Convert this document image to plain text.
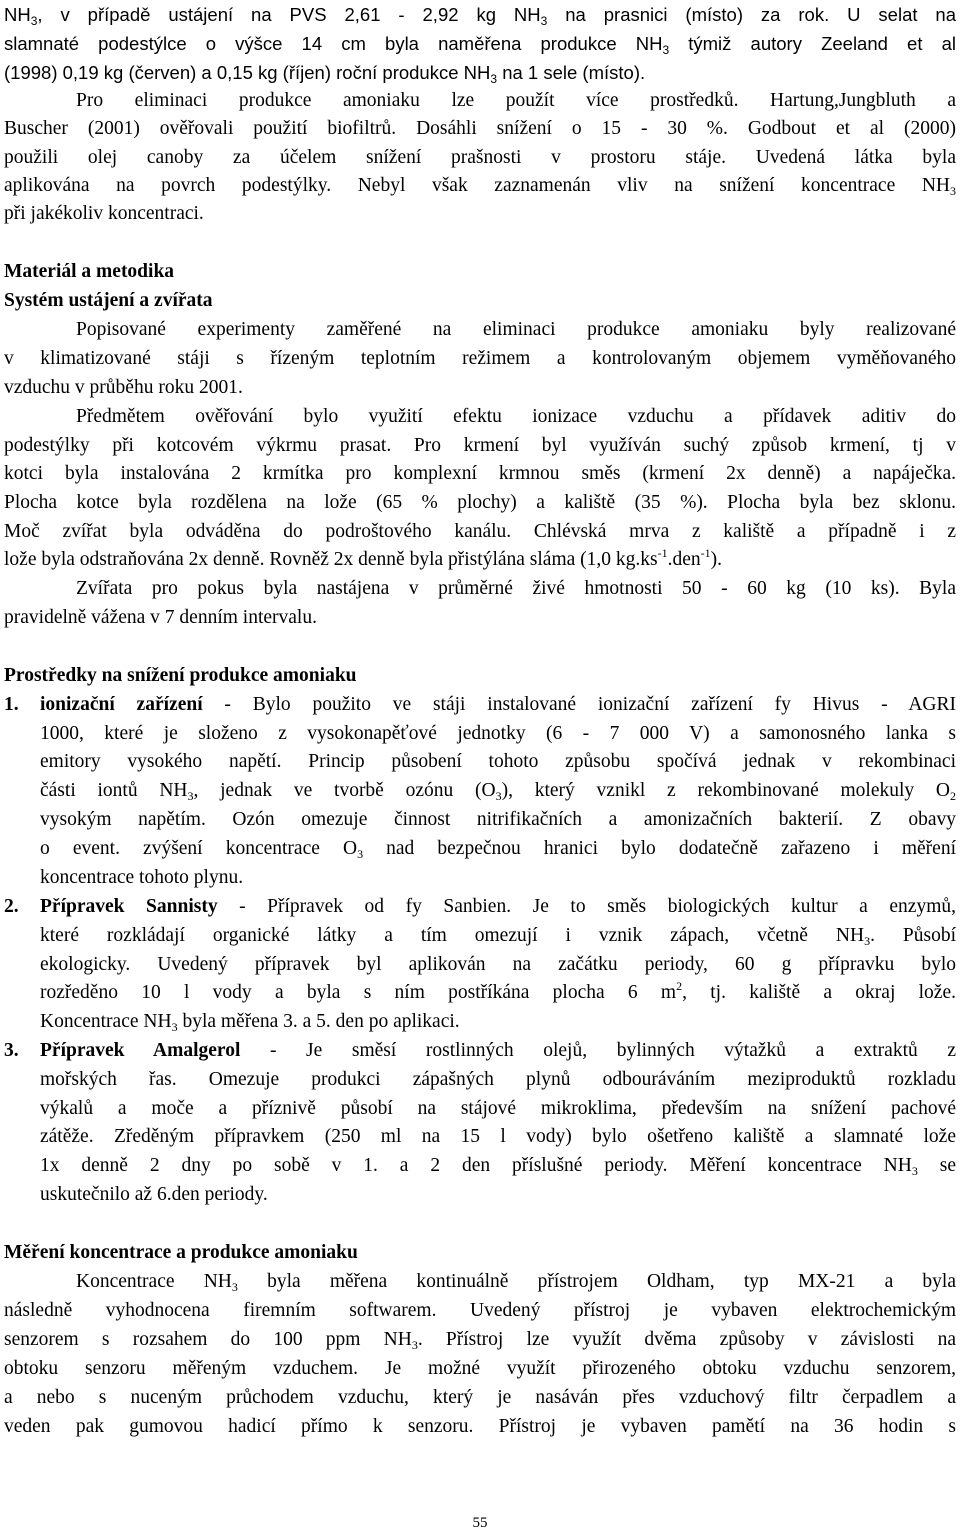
$NH_3$, v případě ustájení na PVS 2,61 - 2,92 kg $NH_3$ na prasnici (místo) za rok. U selat na
slamnaté podestýlce o výšce 14 cm byla naměřena produkce $NH_3$ týmiž autory Zeeland et al
(1998) 0,19 kg (červen) a 0,15 kg (říjen) roční produkce $NH_3$ na 1 sele (místo).
Pro eliminaci produkce amoniaku lze použít více prostředků. Hartung,Jungbluth a
Buscher (2001) ověřovali použití biofiltrů. Dosáhli snížení o 15 - 30 %. Godbout et al (2000)
použili olej canoby za účelem snížení prašnosti v prostoru stáje. Uvedená látka byla
aplikována na povrch podestýlky. Nebyl však zaznamenán vliv na snížení koncentrace $NH_3$
při jakékoliv koncentraci.
Materiál a metodika
Systém ustájení a zvířata
Popisované experimenty zaměřené na eliminaci produkce amoniaku byly realizované
v klimatizované stáji s řízeným teplotním režimem a kontrolovaným objemem vyměňovaného
vzduchu v průběhu roku 2001.
Předmětem ověřování bylo využití efektu ionizace vzduchu a přídavek aditiv do
podestýlky při kotcovém výkrmu prasat. Pro krmení byl využíván suchý způsob krmení, tj v
kotci byla instalována 2 krmítka pro komplexní krmnou směs (krmení 2x denně) a napáječka.
Plocha kotce byla rozdělena na lože (65 % plochy) a kaliště (35 %). Plocha byla bez sklonu.
Moč zvířat byla odváděna do podroštového kanálu. Chlévská mrva z kaliště a případně i z
lože byla odstraňována 2x denně. Rovněž 2x denně byla přistýlána sláma (1,0 $kg.ks^{-1}.den^{-1}$).
Zvířata pro pokus byla nastájena v průměrné živé hmotnosti 50 - 60 kg (10 ks). Byla
pravidelně vážena v 7 denním intervalu.
Prostředky na snížení produkce amoniaku
1.	ionizační zařízení - Bylo použito ve stáji instalované ionizační zařízení fy Hivus - AGRI
1000, které je složeno z vysokonapěťové jednotky (6 - 7 000 V) a samonosného lanka s
emitory vysokého napětí. Princip působení tohoto způsobu spočívá jednak v rekombinaci
části iontů $NH_3$, jednak ve tvorbě ozónu $(O_3)$, který vznikl z rekombinované molekuly $O_2$
vysokým napětím. Ozón omezuje činnost nitrifikačních a amonizačních bakterií. Z obavy
o event. zvýšení koncentrace $O_3$ nad bezpečnou hranici bylo dodatečně zařazeno i měření
koncentrace tohoto plynu.
2.	Přípravek Sannisty - Přípravek od fy Sanbien. Je to směs biologických kultur a enzymů,
které rozkládají organické látky a tím omezují i vznik zápach, včetně $NH_3$. Působí
ekologicky. Uvedený přípravek byl aplikován na začátku periody, 60 g přípravku bylo
rozředěno 10 l vody a byla s ním postříkána plocha 6 $m^2$, tj. kaliště a okraj lože.
Koncentrace $NH_3$ byla měřena 3. a 5. den po aplikaci.
3.	Přípravek Amalgerol - Je směsí rostlinných olejů, bylinných výtažků a extraktů z
mořských řas. Omezuje produkci zápašných plynů odbouráváním meziproduktů rozkladu
výkalů a moče a příznivě působí na stájové mikroklima, především na snížení pachové
zátěže. Zředěným přípravkem (250 ml na 15 l vody) bylo ošetřeno kaliště a slamnaté lože
1x denně 2 dny po sobě v 1. a 2 den příslušné periody. Měření koncentrace $NH_3$ se
uskutečnilo až 6.den periody.
Měření koncentrace a produkce amoniaku
Koncentrace $NH_3$ byla měřena kontinuálně přístrojem Oldham, typ MX-21 a byla
následně vyhodnocena firemním softwarem. Uvedený přístroj je vybaven elektrochemickým
senzorem s rozsahem do 100 ppm $NH_3$. Přístroj lze využít dvěma způsoby v závislosti na
obtoku senzoru měřeným vzduchem. Je možné využít přirozeného obtoku vzduchu senzorem,
a nebo s nuceným průchodem vzduchu, který je nasáván přes vzduchový filtr čerpadlem a
veden pak gumovou hadicí přímo k senzoru. Přístroj je vybaven pamětí na 36 hodin s
55
